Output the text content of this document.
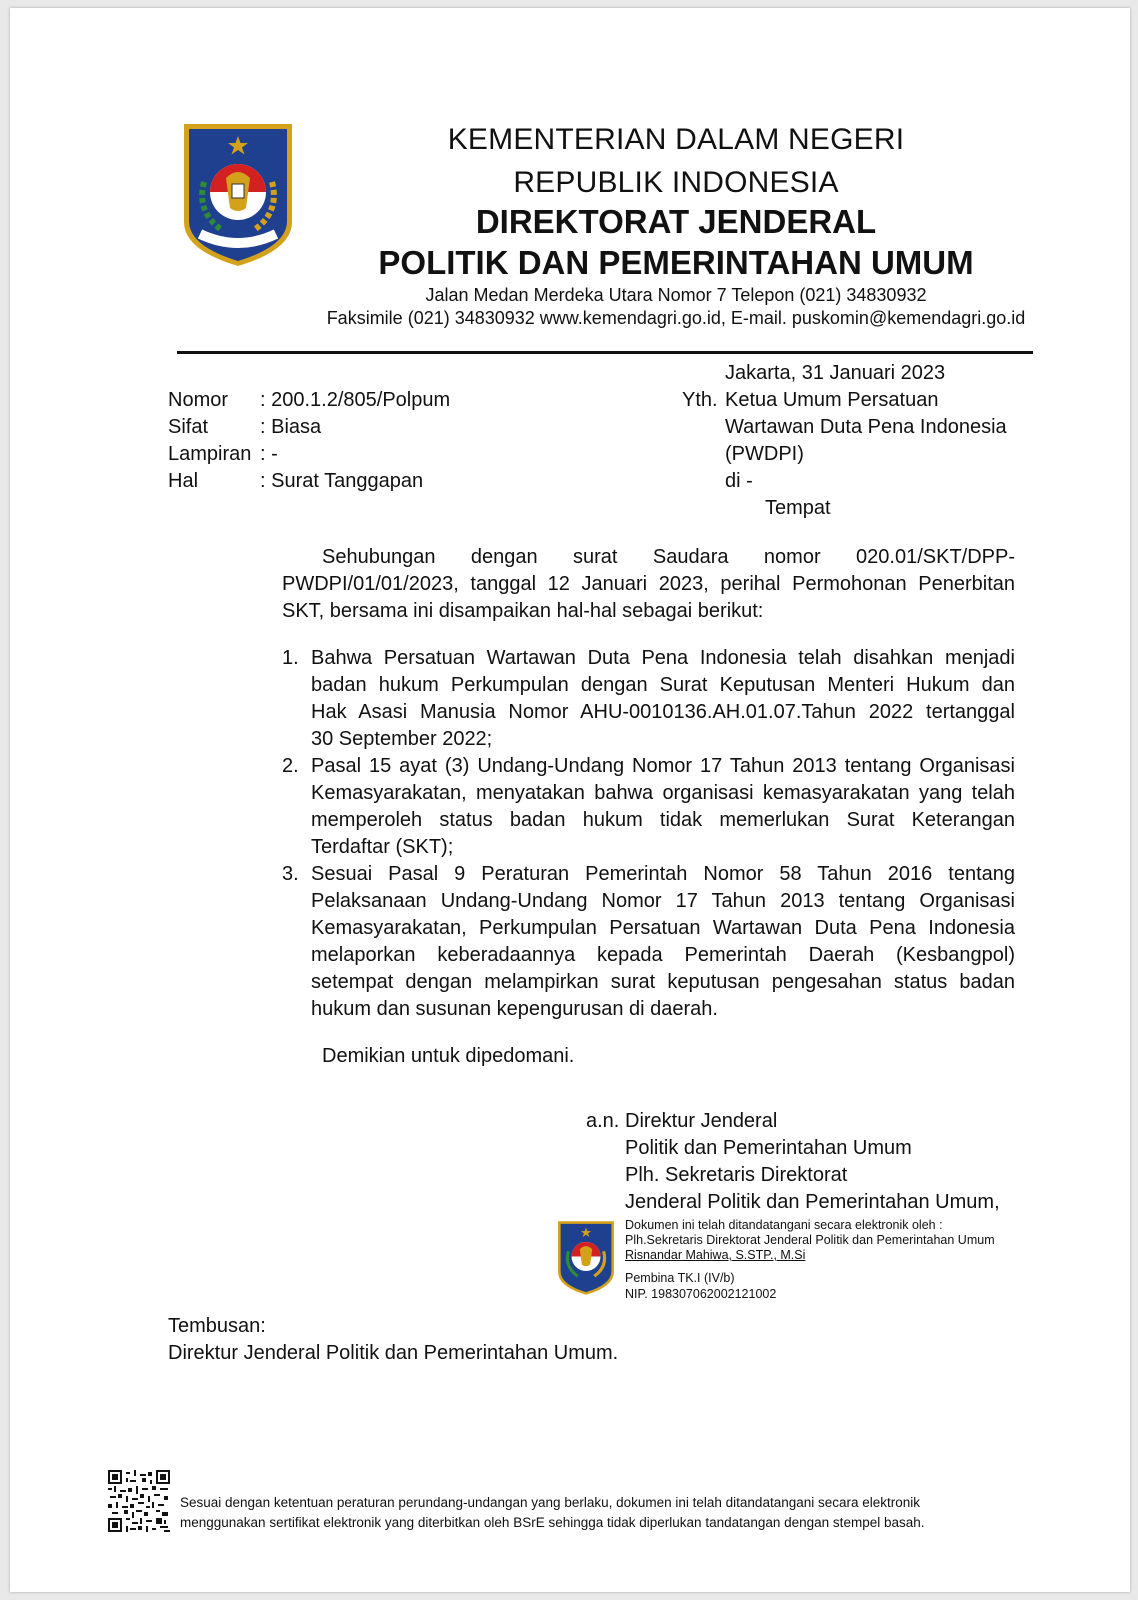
KEMENTERIAN DALAM NEGERI
REPUBLIK INDONESIA
DIREKTORAT JENDERAL
POLITIK DAN PEMERINTAHAN UMUM
Jalan Medan Merdeka Utara Nomor 7 Telepon (021) 34830932
Faksimile (021) 34830932 www.kemendagri.go.id, E-mail. puskomin@kemendagri.go.id
Jakarta, 31 Januari 2023
Nomor : 200.1.2/805/Polpum
Sifat	: Biasa
Lampiran : -
Hal	: Surat Tanggapan
Yth. Ketua Umum Persatuan
Wartawan Duta Pena Indonesia
(PWDPI)
di -
Tempat
Sehubungan dengan surat Saudara nomor 020.01/SKT/DPP-
PWDPI/01/01/2023, tanggal 12 Januari 2023, perihal Permohonan Penerbitan
SKT, bersama ini disampaikan hal-hal sebagai berikut:
1. Bahwa Persatuan Wartawan Duta Pena Indonesia telah disahkan menjadi
badan hukum Perkumpulan dengan Surat Keputusan Menteri Hukum dan
Hak Asasi Manusia Nomor AHU-0010136.AH.01.07.Tahun 2022 tertanggal
30 September 2022;
2. Pasal 15 ayat (3) Undang-Undang Nomor 17 Tahun 2013 tentang Organisasi
Kemasyarakatan, menyatakan bahwa organisasi kemasyarakatan yang telah
memperoleh status badan hukum tidak memerlukan Surat Keterangan
Terdaftar (SKT);
3. Sesuai Pasal 9 Peraturan Pemerintah Nomor 58 Tahun 2016 tentang
Pelaksanaan Undang-Undang Nomor 17 Tahun 2013 tentang Organisasi
Kemasyarakatan, Perkumpulan Persatuan Wartawan Duta Pena Indonesia
melaporkan keberadaannya kepada Pemerintah Daerah (Kesbangpol)
setempat dengan melampirkan surat keputusan pengesahan status badan
hukum dan susunan kepengurusan di daerah.
Demikian untuk dipedomani.
a.n. Direktur Jenderal
Politik dan Pemerintahan Umum
Plh. Sekretaris Direktorat
Jenderal Politik dan Pemerintahan Umum,
Dokumen ini telah ditandatangani secara elektronik oleh :
Plh.Sekretaris Direktorat Jenderal Politik dan Pemerintahan Umum
Risnandar Mahiwa, S.STP., M.Si
Pembina TK.I (IV/b)
NIP. 198307062002121002
Tembusan:
Direktur Jenderal Politik dan Pemerintahan Umum.
Sesuai dengan ketentuan peraturan perundang-undangan yang berlaku, dokumen ini telah ditandatangani secara elektronik
menggunakan sertifikat elektronik yang diterbitkan oleh BSrE sehingga tidak diperlukan tandatangan dengan stempel basah.
